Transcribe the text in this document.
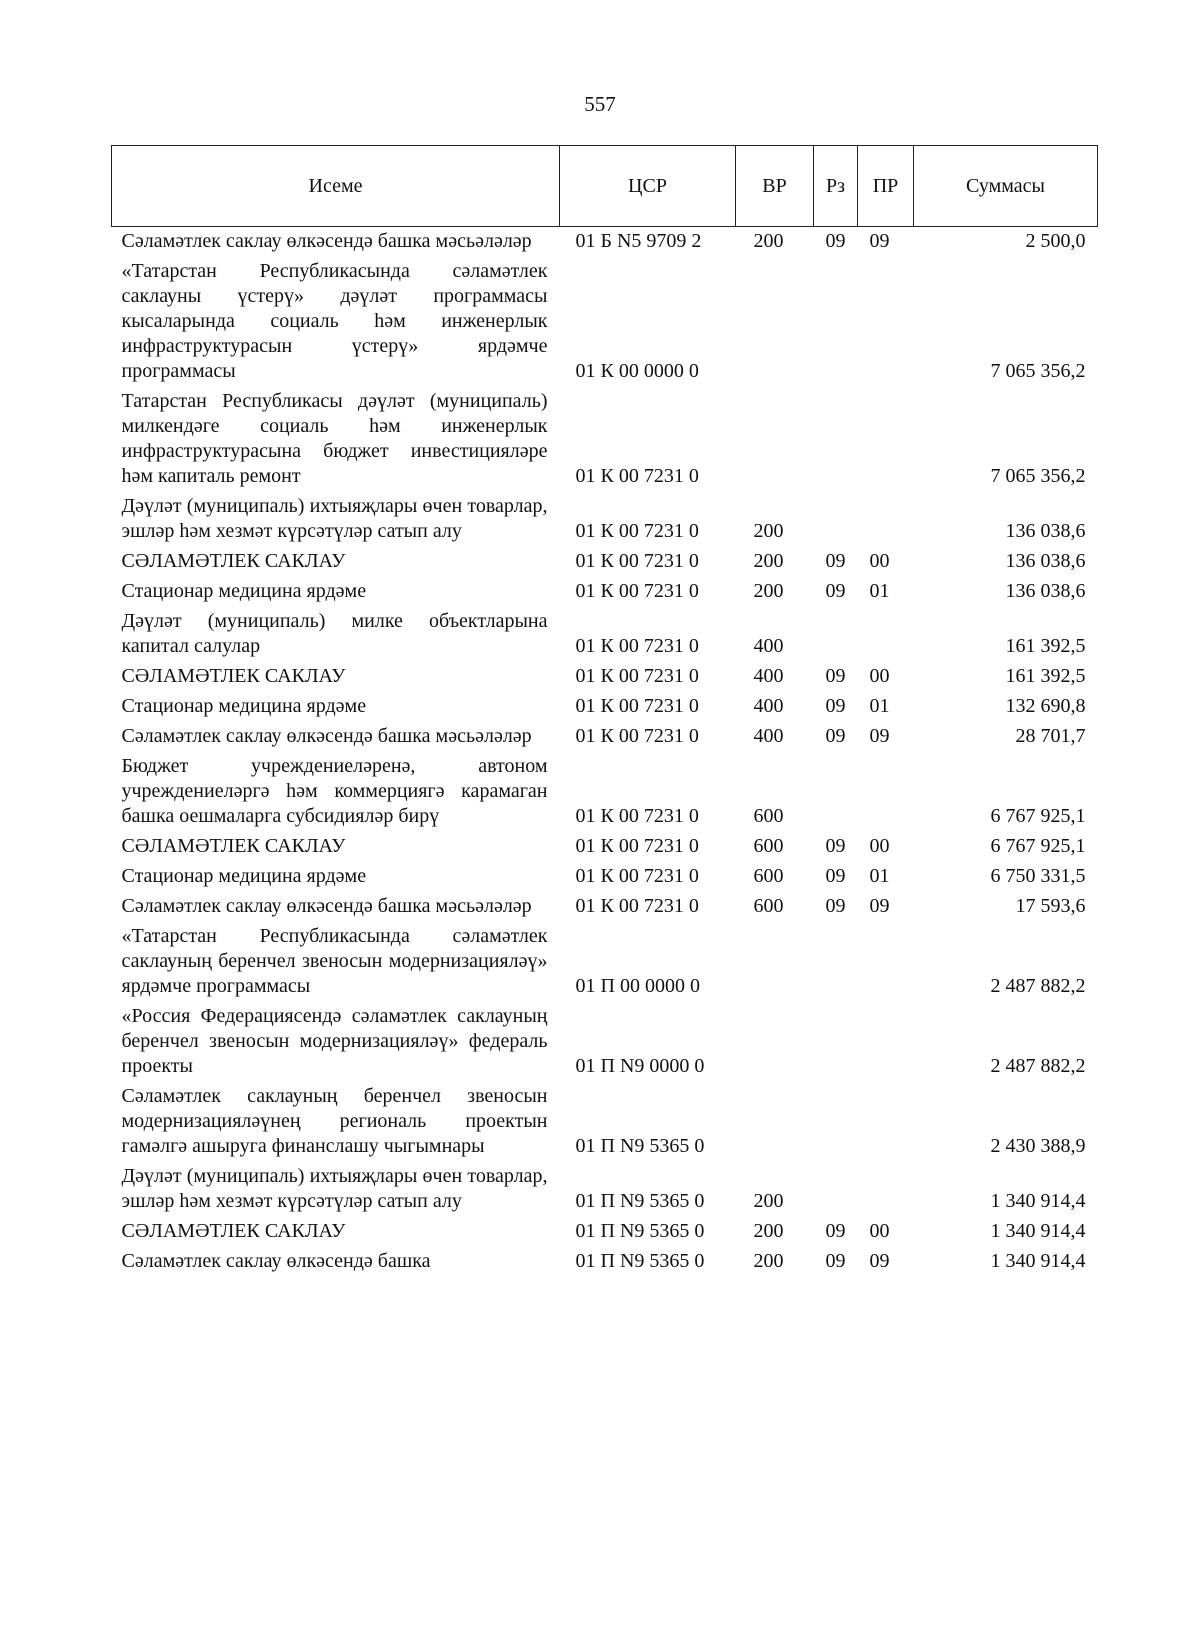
557
Исеме	ЦСР	ВР	Рз	ПР	Суммасы
Сәламәтлек саклау өлкәсендә башка мәсьәләләр	01 Б N5 9709 2	200	09	09	2 500,0
«Татарстан Республикасында сәламәтлек саклауны үстерү» дәүләт программасы кысаларында социаль һәм инженерлык инфраструктурасын үстерү» ярдәмче программасы	01 К 00 0000 0				7 065 356,2
Татарстан Республикасы дәүләт (муниципаль) милкендәге социаль һәм инженерлык инфраструктурасына бюджет инвестицияләре һәм капиталь ремонт	01 К 00 7231 0				7 065 356,2
Дәүләт (муниципаль) ихтыяҗлары өчен товарлар, эшләр һәм хезмәт күрсәтүләр сатып алу	01 К 00 7231 0	200			136 038,6
СӘЛАМӘТЛЕК САКЛАУ	01 К 00 7231 0	200	09	00	136 038,6
Стационар медицина ярдәме	01 К 00 7231 0	200	09	01	136 038,6
Дәүләт (муниципаль) милке объектларына капитал салулар	01 К 00 7231 0	400			161 392,5
СӘЛАМӘТЛЕК САКЛАУ	01 К 00 7231 0	400	09	00	161 392,5
Стационар медицина ярдәме	01 К 00 7231 0	400	09	01	132 690,8
Сәламәтлек саклау өлкәсендә башка мәсьәләләр	01 К 00 7231 0	400	09	09	28 701,7
Бюджет учреждениеләренә, автоном учреждениеләргә һәм коммерциягә карамаган башка оешмаларга субсидияләр бирү	01 К 00 7231 0	600			6 767 925,1
СӘЛАМӘТЛЕК САКЛАУ	01 К 00 7231 0	600	09	00	6 767 925,1
Стационар медицина ярдәме	01 К 00 7231 0	600	09	01	6 750 331,5
Сәламәтлек саклау өлкәсендә башка мәсьәләләр	01 К 00 7231 0	600	09	09	17 593,6
«Татарстан Республикасында сәламәтлек саклауның беренчел звеносын модернизацияләү» ярдәмче программасы	01 П 00 0000 0				2 487 882,2
«Россия Федерациясендә сәламәтлек саклауның беренчел звеносын модернизацияләү» федераль проекты	01 П N9 0000 0				2 487 882,2
Сәламәтлек саклауның беренчел звеносын модернизацияләүнең региональ проектын гамәлгә ашыруга финанслашу чыгымнары	01 П N9 5365 0				2 430 388,9
Дәүләт (муниципаль) ихтыяҗлары өчен товарлар, эшләр һәм хезмәт күрсәтүләр сатып алу	01 П N9 5365 0	200			1 340 914,4
СӘЛАМӘТЛЕК САКЛАУ	01 П N9 5365 0	200	09	00	1 340 914,4
Сәламәтлек саклау өлкәсендә башка	01 П N9 5365 0	200	09	09	1 340 914,4
